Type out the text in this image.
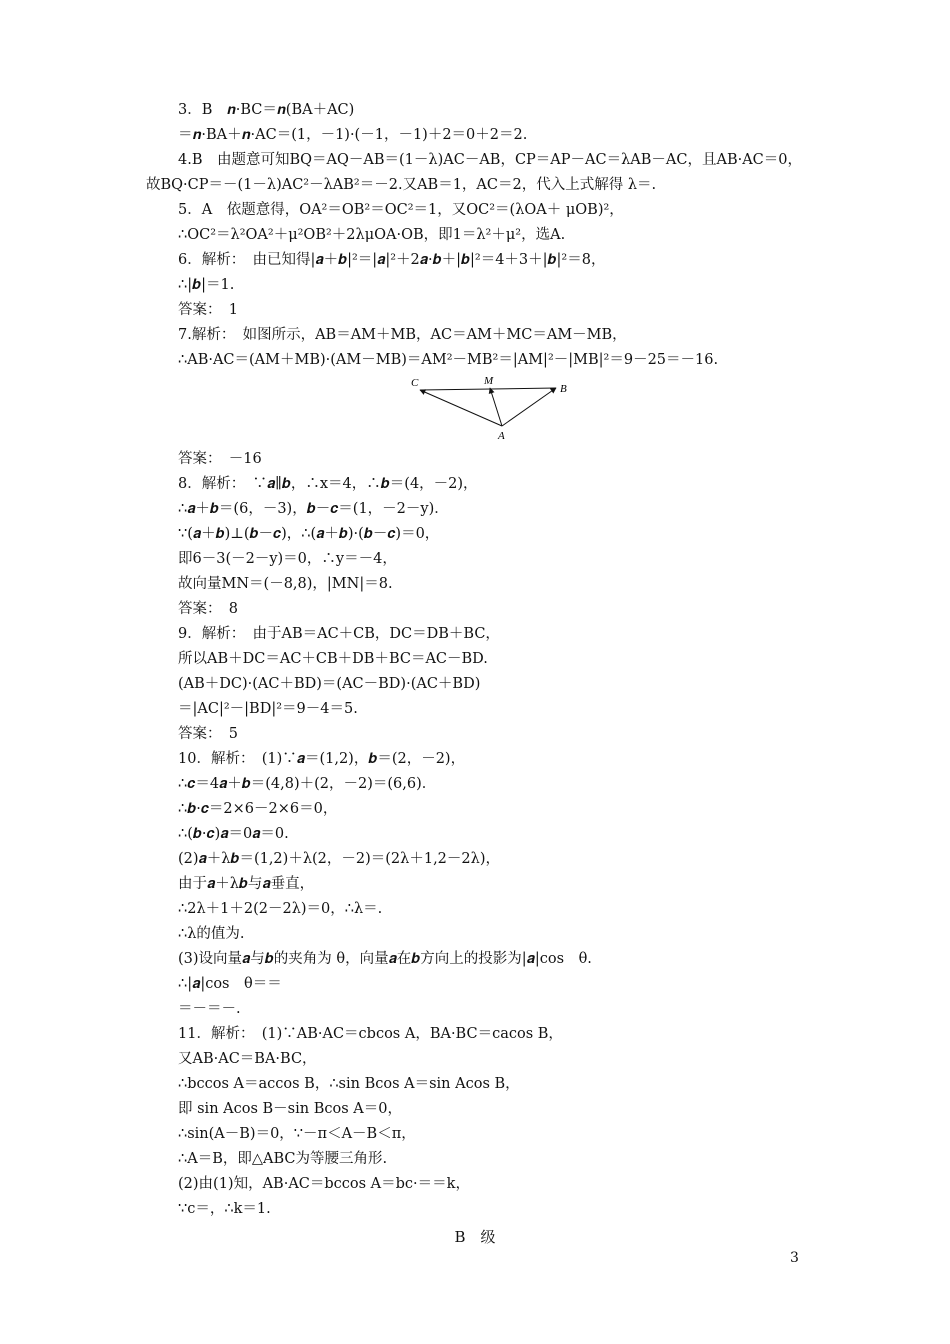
3．B　𝒏·BC＝𝒏(BA＋AC)
＝𝒏·BA＋𝒏·AC＝(1，－1)·(－1，－1)＋2＝0＋2＝2.
4.B　由题意可知BQ＝AQ－AB＝(1－λ)AC－AB，CP＝AP－AC＝λAB－AC，且AB·AC＝0，
故BQ·CP＝－(1－λ)AC²－λAB²＝－2.又AB＝1，AC＝2，代入上式解得 λ＝.
5．A　依题意得，OA²＝OB²＝OC²＝1，又OC²＝(λOA＋ μOB)²，
∴OC²＝λ²OA²＋μ²OB²＋2λμOA·OB，即1＝λ²＋μ²，选A.
6．解析：　由已知得|𝒂＋𝒃|²＝|𝒂|²＋2𝒂·𝒃＋|𝒃|²＝4＋3＋|𝒃|²＝8，
∴|𝒃|＝1.
答案：　1
7.解析：　如图所示，AB＝AM＋MB，AC＝AM＋MC＝AM－MB，
∴AB·AC＝(AM＋MB)·(AM－MB)＝AM²－MB²＝|AM|²－|MB|²＝9－25＝－16.
C	M
B
A
答案：　－16
8．解析：　∵𝒂∥𝒃，∴x＝4，∴𝒃＝(4，－2)，
∴𝒂＋𝒃＝(6，－3)，𝒃－𝒄＝(1，－2－y)．
∵(𝒂＋𝒃)⊥(𝒃－𝒄)，∴(𝒂＋𝒃)·(𝒃－𝒄)＝0，
即6－3(－2－y)＝0，∴y＝－4，
故向量MN＝(－8,8)，|MN|＝8.
答案：　8
9．解析：　由于AB＝AC＋CB，DC＝DB＋BC，
所以AB＋DC＝AC＋CB＋DB＋BC＝AC－BD.
(AB＋DC)·(AC＋BD)＝(AC－BD)·(AC＋BD)
＝|AC|²－|BD|²＝9－4＝5.
答案：　5
10．解析：　(1)∵𝒂＝(1,2)，𝒃＝(2，－2)，
∴𝒄＝4𝒂＋𝒃＝(4,8)＋(2，－2)＝(6,6)．
∴𝒃·𝒄＝2×6－2×6＝0，
∴(𝒃·𝒄)𝒂＝0𝒂＝0.
(2)𝒂＋λ𝒃＝(1,2)＋λ(2，－2)＝(2λ＋1,2－2λ)，
由于𝒂＋λ𝒃与𝒂垂直，
∴2λ＋1＋2(2－2λ)＝0，∴λ＝.
∴λ的值为.
(3)设向量𝒂与𝒃的夹角为 θ，向量𝒂在𝒃方向上的投影为|𝒂|cos　θ.
∴|𝒂|cos　θ＝＝
＝－＝－.
11．解析：　(1)∵AB·AC＝cbcos A，BA·BC＝cacos B，
又AB·AC＝BA·BC，
∴bccos A＝accos B，∴sin Bcos A＝sin Acos B，
即 sin Acos B－sin Bcos A＝0，
∴sin(A－B)＝0，∵－π＜A－B＜π，
∴A＝B，即△ABC为等腰三角形.
(2)由(1)知，AB·AC＝bccos A＝bc·＝＝k，
∵c＝，∴k＝1.
B　级
3
